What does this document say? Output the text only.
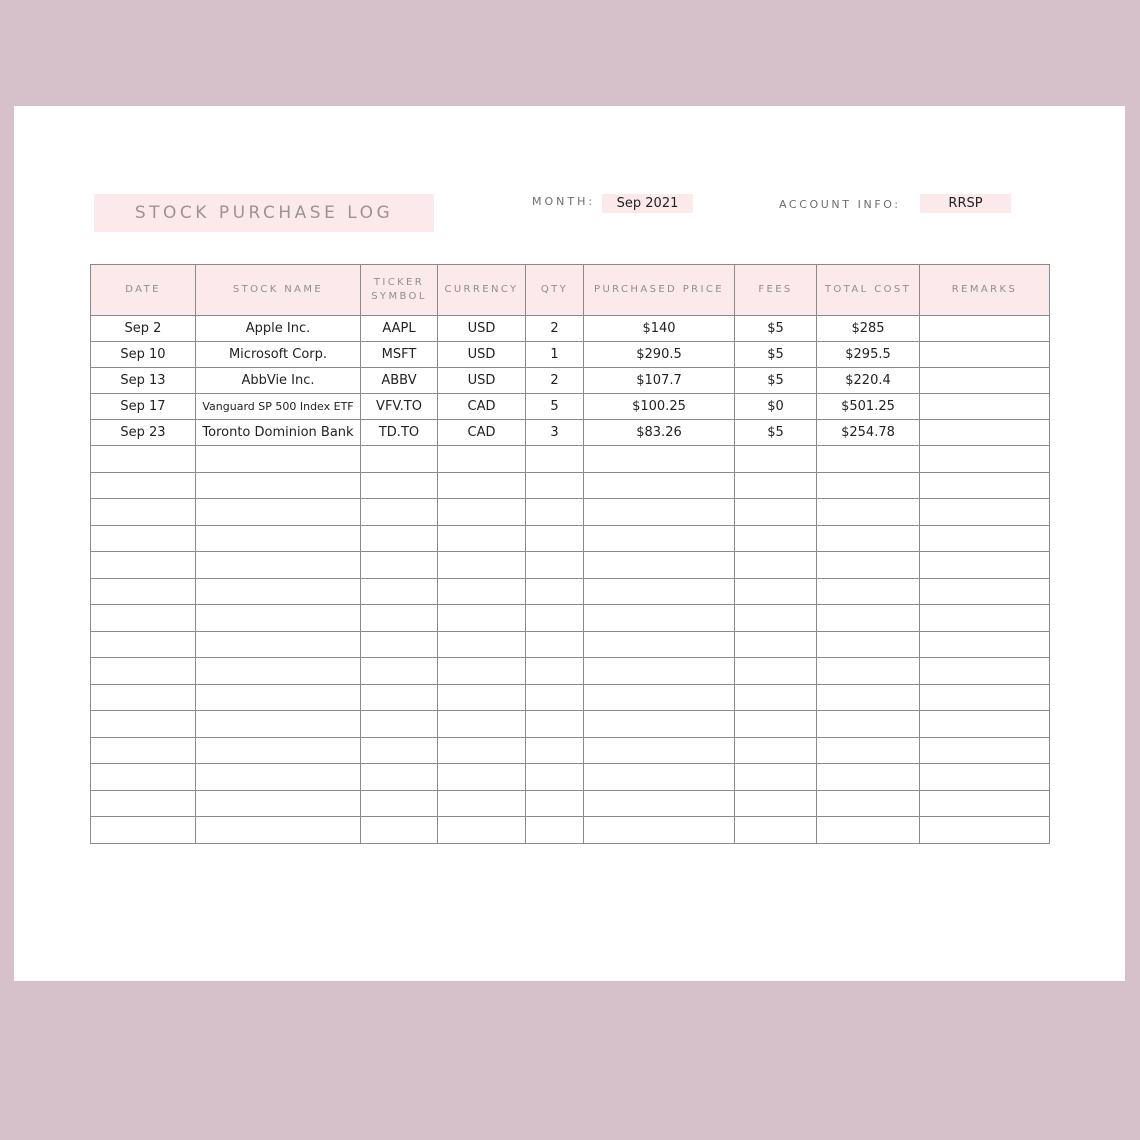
STOCK PURCHASE LOG
MONTH:	Sep 2021	ACCOUNT INFO:	RRSP
DATE	STOCK NAME	TICKER SYMBOL	CURRENCY	QTY	PURCHASED PRICE	FEES	TOTAL COST	REMARKS
Sep 2	Apple Inc.	AAPL	USD	2	$140	$5	$285	
Sep 10	Microsoft Corp.	MSFT	USD	1	$290.5	$5	$295.5	
Sep 13	AbbVie Inc.	ABBV	USD	2	$107.7	$5	$220.4	
Sep 17	Vanguard SP 500 Index ETF	VFV.TO	CAD	5	$100.25	$0	$501.25	
Sep 23	Toronto Dominion Bank	TD.TO	CAD	3	$83.26	$5	$254.78	
